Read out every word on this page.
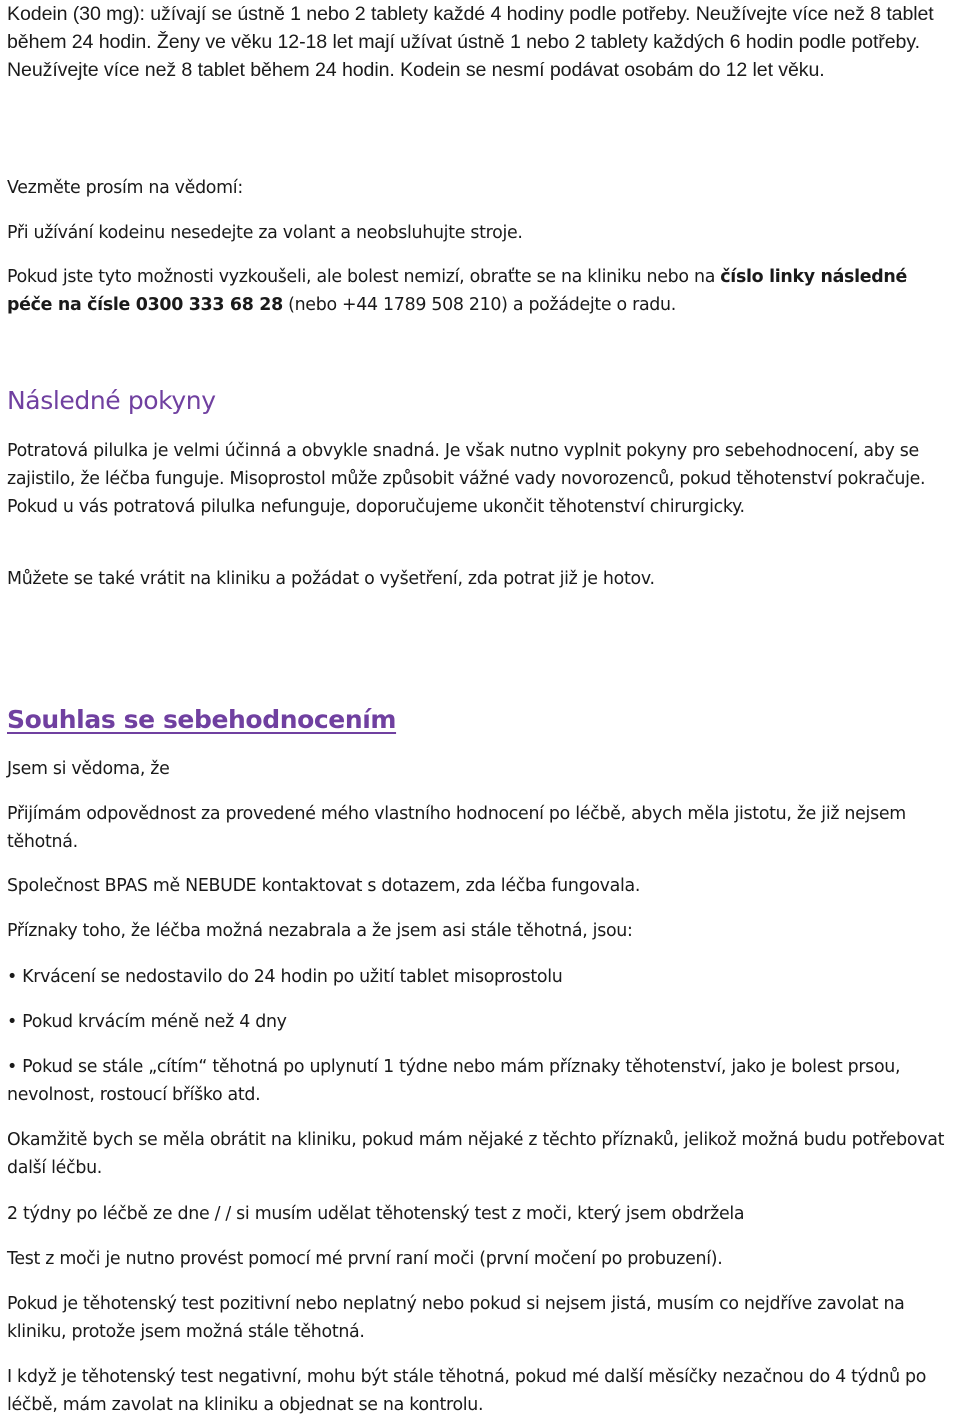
Kodein (30 mg): užívají se ústně 1 nebo 2 tablety každé 4 hodiny podle potřeby. Neužívejte více než 8 tablet během 24 hodin. Ženy ve věku 12-18 let mají užívat ústně 1 nebo 2 tablety každých 6 hodin podle potřeby. Neužívejte více než 8 tablet během 24 hodin. Kodein se nesmí podávat osobám do 12 let věku.

Vezměte prosím na vědomí:

Při užívání kodeinu nesedejte za volant a neobsluhujte stroje.

Pokud jste tyto možnosti vyzkoušeli, ale bolest nemizí, obraťte se na kliniku nebo na číslo linky následné péče na čísle 0300 333 68 28 (nebo +44 1789 508 210) a požádejte o radu.

Následné pokyny

Potratová pilulka je velmi účinná a obvykle snadná. Je však nutno vyplnit pokyny pro sebehodnocení, aby se zajistilo, že léčba funguje. Misoprostol může způsobit vážné vady novorozenců, pokud těhotenství pokračuje. Pokud u vás potratová pilulka nefunguje, doporučujeme ukončit těhotenství chirurgicky.

Můžete se také vrátit na kliniku a požádat o vyšetření, zda potrat již je hotov.

Souhlas se sebehodnocením

Jsem si vědoma, že

Přijímám odpovědnost za provedené mého vlastního hodnocení po léčbě, abych měla jistotu, že již nejsem těhotná.

Společnost BPAS mě NEBUDE kontaktovat s dotazem, zda léčba fungovala.

Příznaky toho, že léčba možná nezabrala a že jsem asi stále těhotná, jsou:

• Krvácení se nedostavilo do 24 hodin po užití tablet misoprostolu

• Pokud krvácím méně než 4 dny

• Pokud se stále „cítím“ těhotná po uplynutí 1 týdne nebo mám příznaky těhotenství, jako je bolest prsou, nevolnost, rostoucí bříško atd.

Okamžitě bych se měla obrátit na kliniku, pokud mám nějaké z těchto příznaků, jelikož možná budu potřebovat další léčbu.

2 týdny po léčbě ze dne / / si musím udělat těhotenský test z moči, který jsem obdržela

Test z moči je nutno provést pomocí mé první raní moči (první močení po probuzení).

Pokud je těhotenský test pozitivní nebo neplatný nebo pokud si nejsem jistá, musím co nejdříve zavolat na kliniku, protože jsem možná stále těhotná.

I když je těhotenský test negativní, mohu být stále těhotná, pokud mé další měsíčky nezačnou do 4 týdnů po léčbě, mám zavolat na kliniku a objednat se na kontrolu.
